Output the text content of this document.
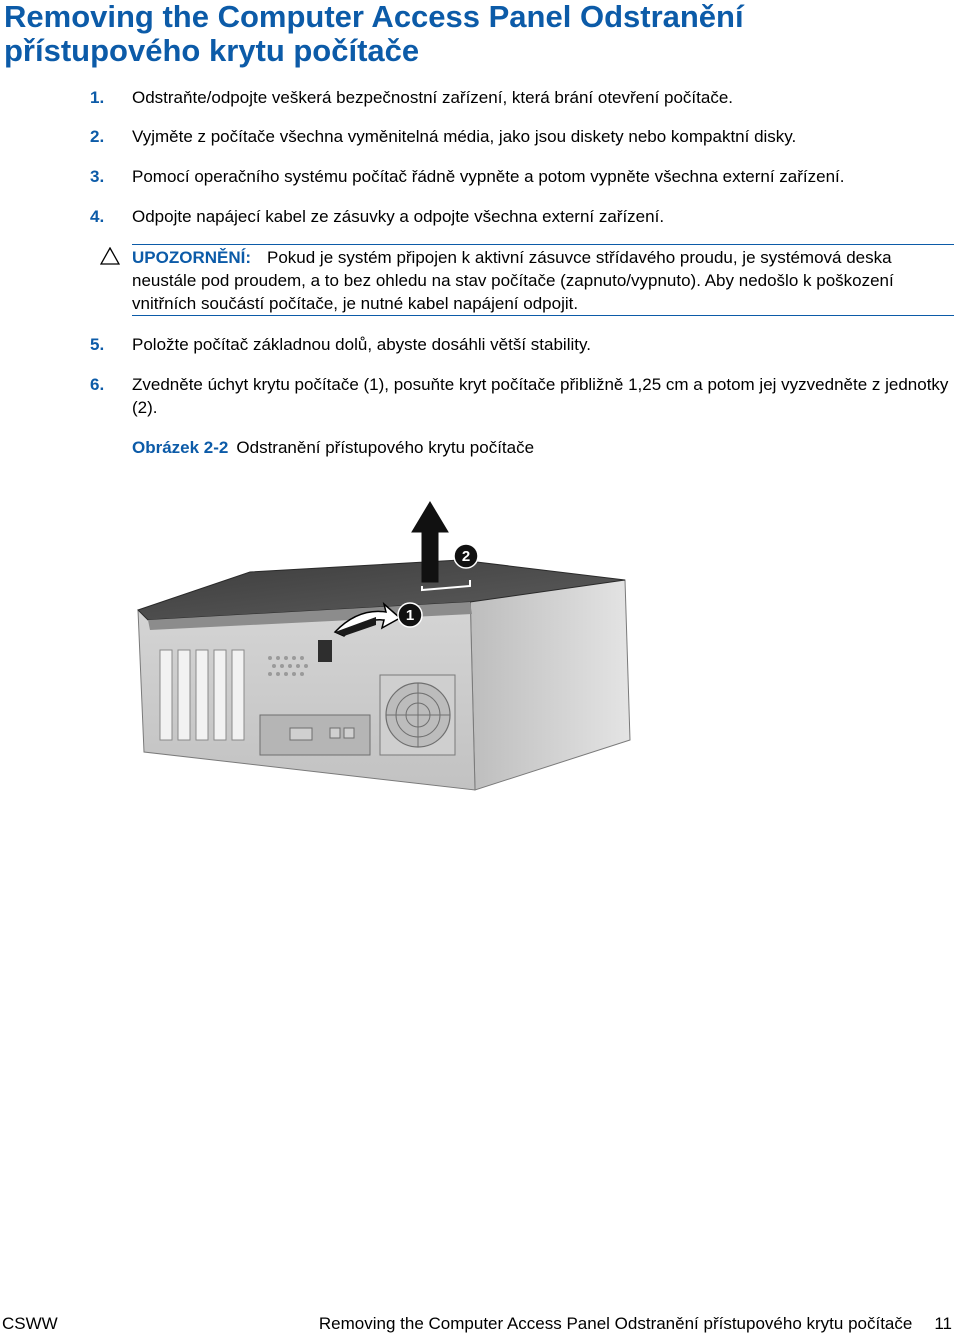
Removing the Computer Access Panel Odstranění přístupového krytu počítače
1. Odstraňte/odpojte veškerá bezpečnostní zařízení, která brání otevření počítače.
2. Vyjměte z počítače všechna vyměnitelná média, jako jsou diskety nebo kompaktní disky.
3. Pomocí operačního systému počítač řádně vypněte a potom vypněte všechna externí zařízení.
4. Odpojte napájecí kabel ze zásuvky a odpojte všechna externí zařízení.
UPOZORNĚNÍ: Pokud je systém připojen k aktivní zásuvce střídavého proudu, je systémová deska neustále pod proudem, a to bez ohledu na stav počítače (zapnuto/vypnuto). Aby nedošlo k poškození vnitřních součástí počítače, je nutné kabel napájení odpojit.
5. Položte počítač základnou dolů, abyste dosáhli větší stability.
6. Zvedněte úchyt krytu počítače (1), posuňte kryt počítače přibližně 1,25 cm a potom jej vyzvedněte z jednotky (2).
Obrázek 2-2 Odstranění přístupového krytu počítače
1
2
CSWW	Removing the Computer Access Panel Odstranění přístupového krytu počítače 11
